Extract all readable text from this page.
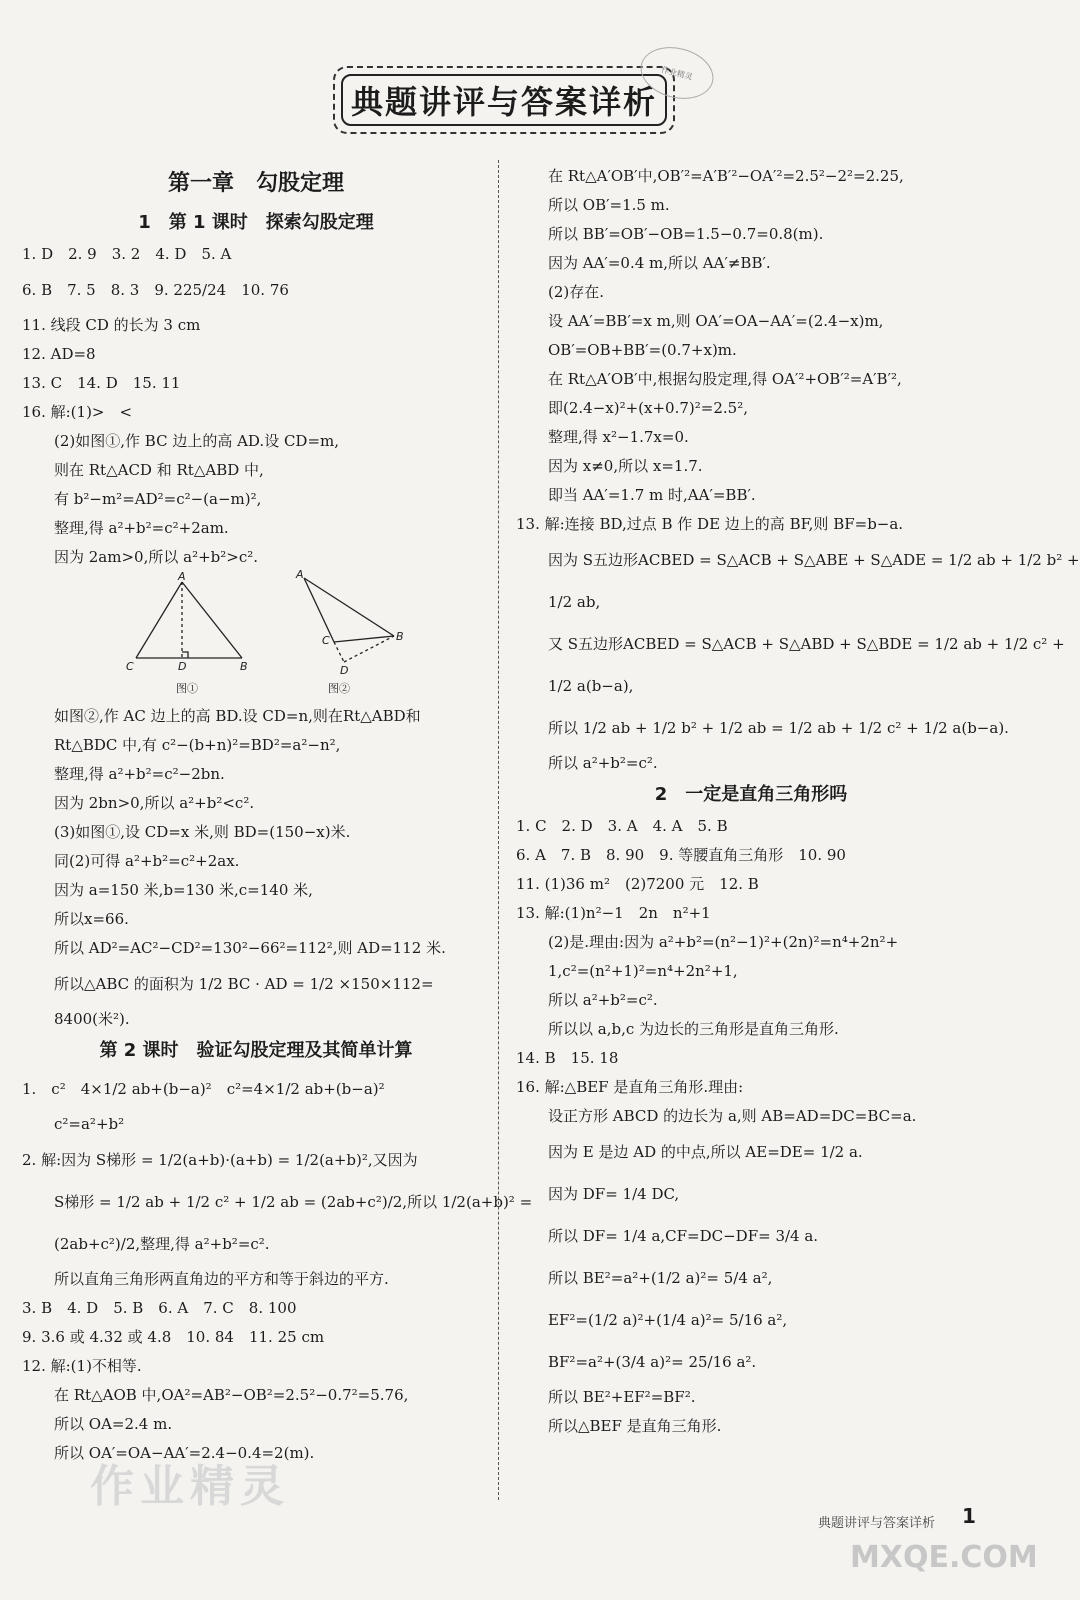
典题讲评与答案详析
作业精灵
第一章　勾股定理
1　第 1 课时　探索勾股定理
1. D　2. 9　3. 2　4. D　5. A
6. B　7. 5　8. 3　9. 225/24　10. 76
11. 线段 CD 的长为 3 cm
12. AD=8
13. C　14. D　15. 11
16. 解:(1)>　<
(2)如图①,作 BC 边上的高 AD.设 CD=m,
则在 Rt△ACD 和 Rt△ABD 中,
有 b²−m²=AD²=c²−(a−m)²,
整理,得 a²+b²=c²+2am.
因为 2am>0,所以 a²+b²>c².
A
C	D	B
A
C	B
D
图①	图②
如图②,作 AC 边上的高 BD.设 CD=n,则在Rt△ABD和
Rt△BDC 中,有 c²−(b+n)²=BD²=a²−n²,
整理,得 a²+b²=c²−2bn.
因为 2bn>0,所以 a²+b²<c².
(3)如图①,设 CD=x 米,则 BD=(150−x)米.
同(2)可得 a²+b²=c²+2ax.
因为 a=150 米,b=130 米,c=140 米,
所以x=66.
所以 AD²=AC²−CD²=130²−66²=112²,则 AD=112 米.
所以△ABC 的面积为 1/2 BC · AD = 1/2 ×150×112=
8400(米²).
第 2 课时　验证勾股定理及其简单计算
1.　c²　4×1/2 ab+(b−a)²　c²=4×1/2 ab+(b−a)²
c²=a²+b²
2. 解:因为 S梯形 = 1/2(a+b)·(a+b) = 1/2(a+b)²,又因为
S梯形 = 1/2 ab + 1/2 c² + 1/2 ab = (2ab+c²)/2,所以 1/2(a+b)² =
(2ab+c²)/2,整理,得 a²+b²=c².
所以直角三角形两直角边的平方和等于斜边的平方.
3. B　4. D　5. B　6. A　7. C　8. 100
9. 3.6 或 4.32 或 4.8　10. 84　11. 25 cm
12. 解:(1)不相等.
在 Rt△AOB 中,OA²=AB²−OB²=2.5²−0.7²=5.76,
所以 OA=2.4 m.
所以 OA′=OA−AA′=2.4−0.4=2(m).
在 Rt△A′OB′中,OB′²=A′B′²−OA′²=2.5²−2²=2.25,
所以 OB′=1.5 m.
所以 BB′=OB′−OB=1.5−0.7=0.8(m).
因为 AA′=0.4 m,所以 AA′≠BB′.
(2)存在.
设 AA′=BB′=x m,则 OA′=OA−AA′=(2.4−x)m,
OB′=OB+BB′=(0.7+x)m.
在 Rt△A′OB′中,根据勾股定理,得 OA′²+OB′²=A′B′²,
即(2.4−x)²+(x+0.7)²=2.5²,
整理,得 x²−1.7x=0.
因为 x≠0,所以 x=1.7.
即当 AA′=1.7 m 时,AA′=BB′.
13. 解:连接 BD,过点 B 作 DE 边上的高 BF,则 BF=b−a.
因为 S五边形ACBED = S△ACB + S△ABE + S△ADE = 1/2 ab + 1/2 b² +
1/2 ab,
又 S五边形ACBED = S△ACB + S△ABD + S△BDE = 1/2 ab + 1/2 c² +
1/2 a(b−a),
所以 1/2 ab + 1/2 b² + 1/2 ab = 1/2 ab + 1/2 c² + 1/2 a(b−a).
所以 a²+b²=c².
2　一定是直角三角形吗
1. C　2. D　3. A　4. A　5. B
6. A　7. B　8. 90　9. 等腰直角三角形　10. 90
11. (1)36 m²　(2)7200 元　12. B
13. 解:(1)n²−1　2n　n²+1
(2)是.理由:因为 a²+b²=(n²−1)²+(2n)²=n⁴+2n²+
1,c²=(n²+1)²=n⁴+2n²+1,
所以 a²+b²=c².
所以以 a,b,c 为边长的三角形是直角三角形.
14. B　15. 18
16. 解:△BEF 是直角三角形.理由:
设正方形 ABCD 的边长为 a,则 AB=AD=DC=BC=a.
因为 E 是边 AD 的中点,所以 AE=DE= 1/2 a.
因为 DF= 1/4 DC,
所以 DF= 1/4 a,CF=DC−DF= 3/4 a.
所以 BE²=a²+(1/2 a)²= 5/4 a²,
EF²=(1/2 a)²+(1/4 a)²= 5/16 a²,
BF²=a²+(3/4 a)²= 25/16 a².
所以 BE²+EF²=BF².
所以△BEF 是直角三角形.
作业精灵
典题讲评与答案详析 1
MXQE.COM
